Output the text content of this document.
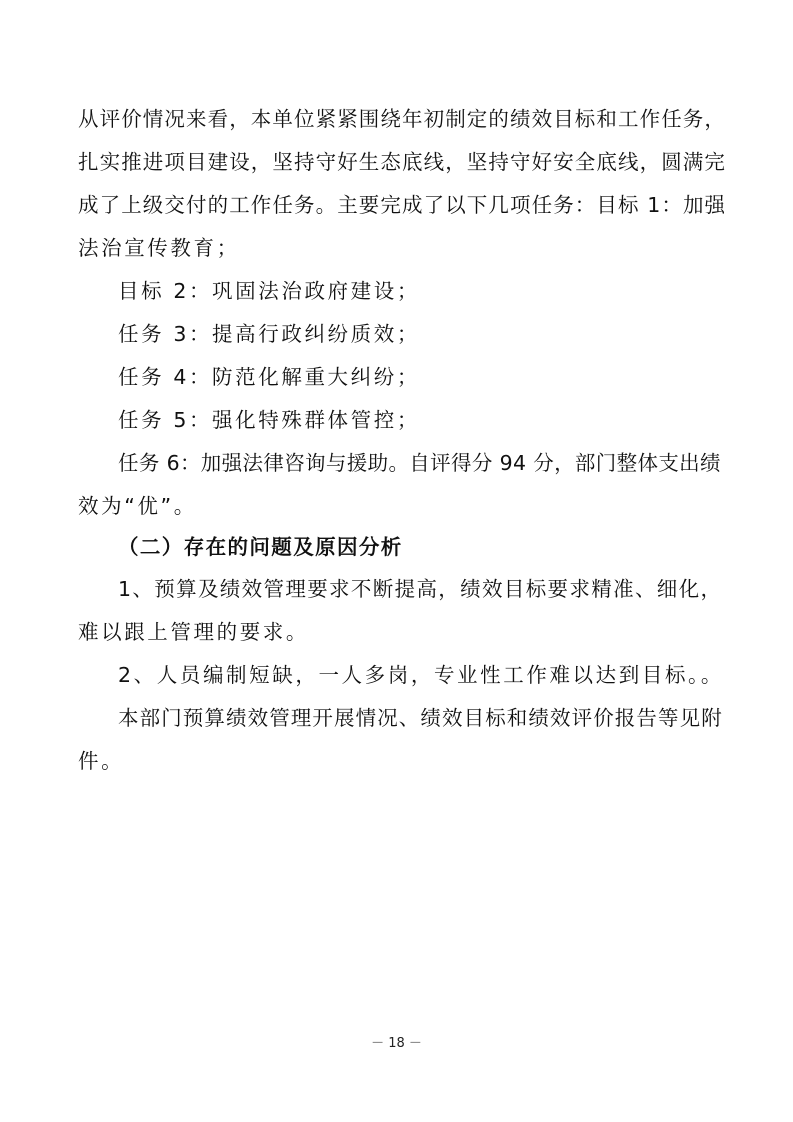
从评价情况来看，本单位紧紧围绕年初制定的绩效目标和工作任务，
扎实推进项目建设，坚持守好生态底线，坚持守好安全底线，圆满完
成了上级交付的工作任务。主要完成了以下几项任务：目标 1：加强
法治宣传教育；
目标 2：巩固法治政府建设；
任务 3：提高行政纠纷质效；
任务 4：防范化解重大纠纷；
任务 5：强化特殊群体管控；
任务 6：加强法律咨询与援助。自评得分 94 分，部门整体支出绩
效为“优”。
（二）存在的问题及原因分析
1、预算及绩效管理要求不断提高，绩效目标要求精准、细化，
难以跟上管理的要求。
2、人员编制短缺，一人多岗，专业性工作难以达到目标。。
本部门预算绩效管理开展情况、绩效目标和绩效评价报告等见附
件。
－ 18 －
